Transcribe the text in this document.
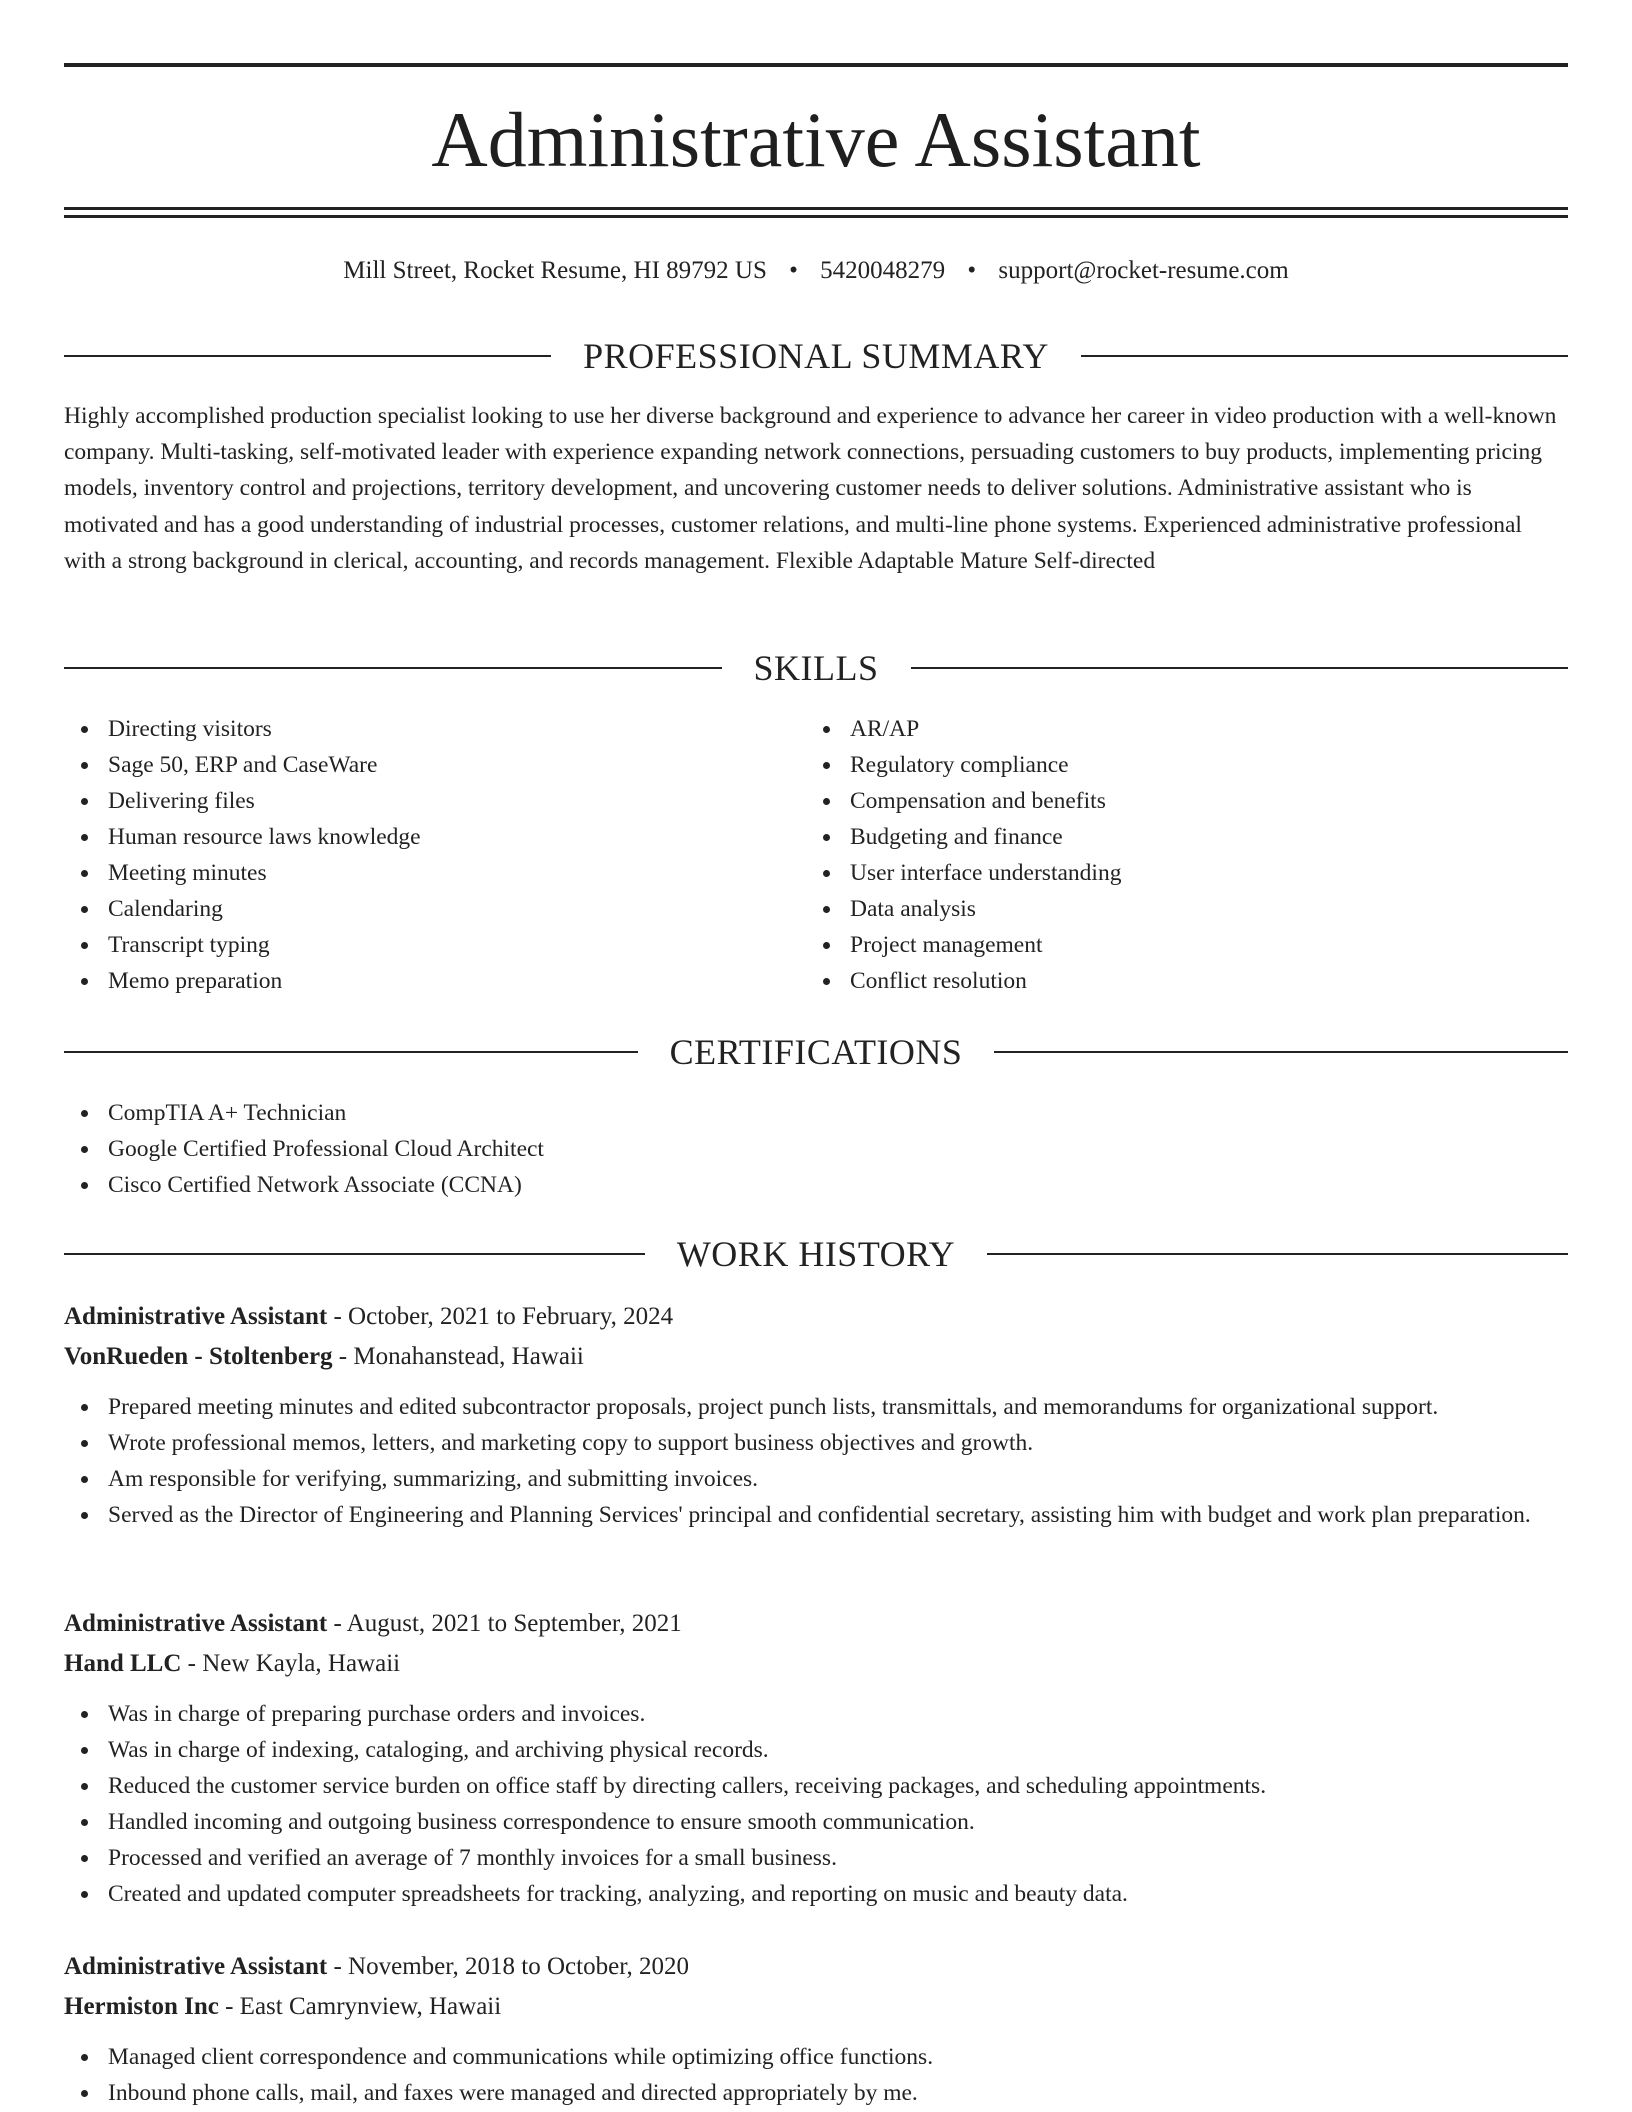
Administrative Assistant
Mill Street, Rocket Resume, HI 89792 US • 5420048279 • support@rocket-resume.com
PROFESSIONAL SUMMARY

Highly accomplished production specialist looking to use her diverse background and experience to advance her career in video production with a well-known company. Multi-tasking, self-motivated leader with experience expanding network connections, persuading customers to buy products, implementing pricing models, inventory control and projections, territory development, and uncovering customer needs to deliver solutions. Administrative assistant who is motivated and has a good understanding of industrial processes, customer relations, and multi-line phone systems. Experienced administrative professional with a strong background in clerical, accounting, and records management. Flexible Adaptable Mature Self-directed

SKILLS
Directing visitors
Sage 50, ERP and CaseWare
Delivering files
Human resource laws knowledge
Meeting minutes
Calendaring
Transcript typing
Memo preparation
AR/AP
Regulatory compliance
Compensation and benefits
Budgeting and finance
User interface understanding
Data analysis
Project management
Conflict resolution
CERTIFICATIONS
CompTIA A+ Technician
Google Certified Professional Cloud Architect
Cisco Certified Network Associate (CCNA)
WORK HISTORY
Administrative Assistant - October, 2021 to February, 2024
VonRueden - Stoltenberg - Monahanstead, Hawaii
Prepared meeting minutes and edited subcontractor proposals, project punch lists, transmittals, and memorandums for organizational support.
Wrote professional memos, letters, and marketing copy to support business objectives and growth.
Am responsible for verifying, summarizing, and submitting invoices.
Served as the Director of Engineering and Planning Services' principal and confidential secretary, assisting him with budget and work plan preparation.
Administrative Assistant - August, 2021 to September, 2021
Hand LLC - New Kayla, Hawaii
Was in charge of preparing purchase orders and invoices.
Was in charge of indexing, cataloging, and archiving physical records.
Reduced the customer service burden on office staff by directing callers, receiving packages, and scheduling appointments.
Handled incoming and outgoing business correspondence to ensure smooth communication.
Processed and verified an average of 7 monthly invoices for a small business.
Created and updated computer spreadsheets for tracking, analyzing, and reporting on music and beauty data.
Administrative Assistant - November, 2018 to October, 2020
Hermiston Inc - East Camrynview, Hawaii
Managed client correspondence and communications while optimizing office functions.
Inbound phone calls, mail, and faxes were managed and directed appropriately by me.
